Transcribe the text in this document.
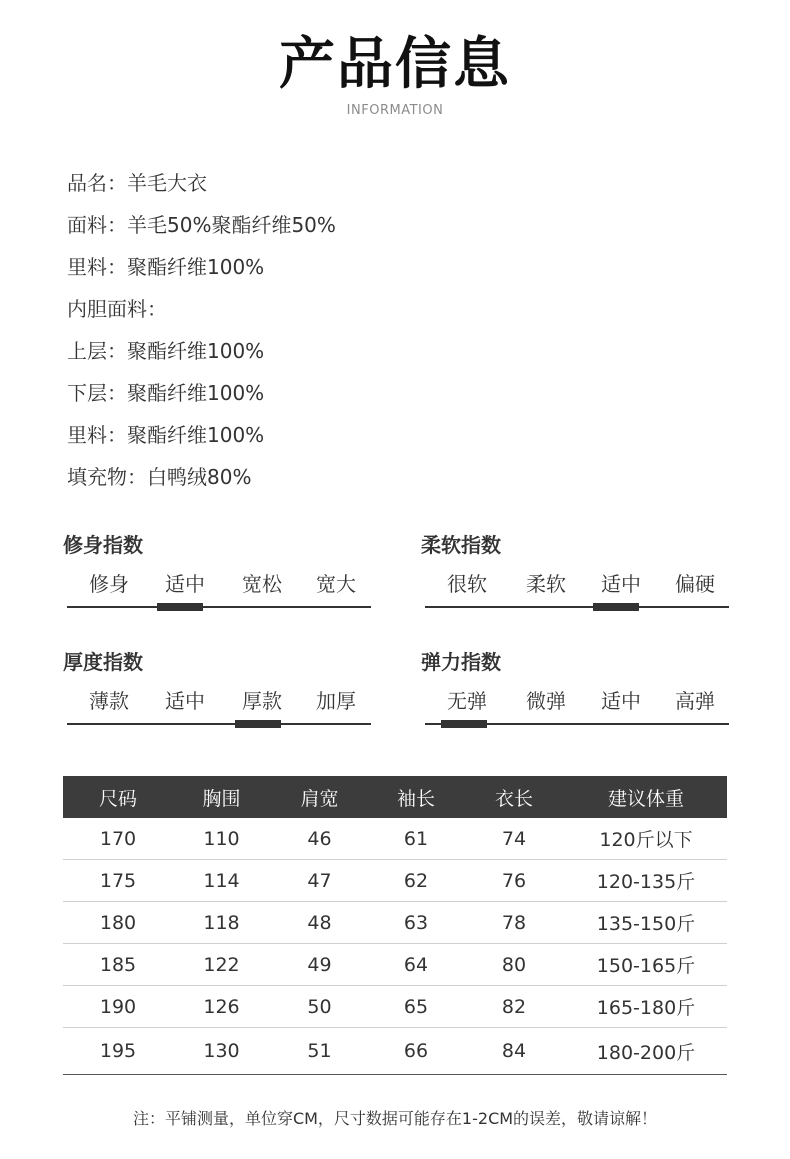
产品信息
INFORMATION
品名：羊毛大衣
面料：羊毛50%聚酯纤维50%
里料：聚酯纤维100%
内胆面料：
上层：聚酯纤维100%
下层：聚酯纤维100%
里料：聚酯纤维100%
填充物：白鸭绒80%
修身指数
修身	适中	宽松	宽大
柔软指数
很软	柔软	适中	偏硬
厚度指数
薄款	适中	厚款	加厚
弹力指数
无弹	微弹	适中	高弹
尺码	胸围	肩宽	袖长	衣长	建议体重
170	110	46	61	74	120斤以下
175	114	47	62	76	120-135斤
180	118	48	63	78	135-150斤
185	122	49	64	80	150-165斤
190	126	50	65	82	165-180斤
195	130	51	66	84	180-200斤
注：平铺测量，单位穿CM，尺寸数据可能存在1-2CM的误差，敬请谅解！
